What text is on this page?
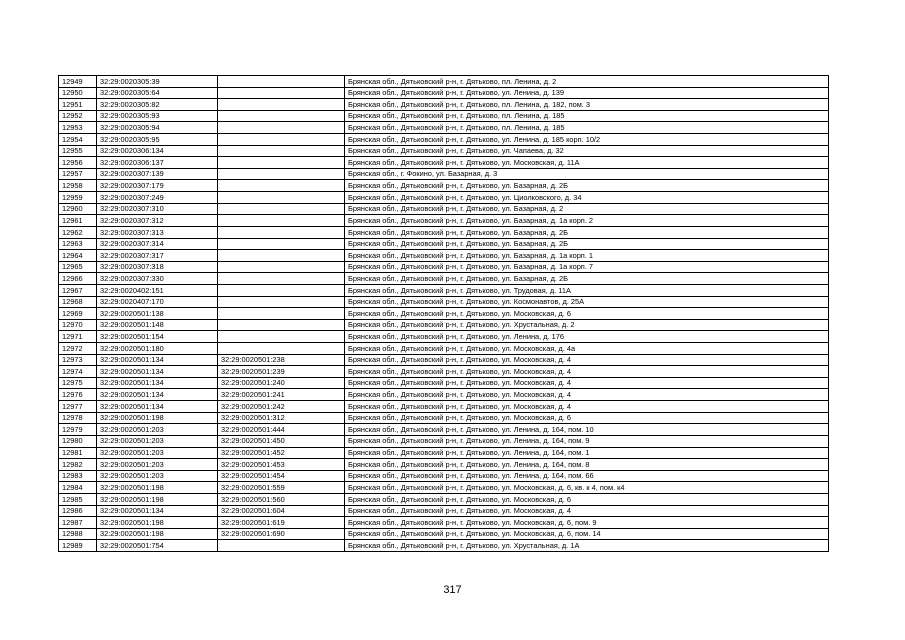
12949	32:29:0020305:39		Брянская обл., Дятьковский р-н, г. Дятьково, пл. Ленина, д. 2
12950	32:29:0020305:64		Брянская обл., Дятьковский р-н, г. Дятьково, ул. Ленина, д. 139
12951	32:29:0020305:82		Брянская обл., Дятьковский р-н, г. Дятьково, пл. Ленина, д. 182, пом. 3
12952	32:29:0020305:93		Брянская обл., Дятьковский р-н, г. Дятьково, пл. Ленина, д. 185
12953	32:29:0020305:94		Брянская обл., Дятьковский р-н, г. Дятьково, пл. Ленина, д. 185
12954	32:29:0020305:95		Брянская обл., Дятьковский р-н, г. Дятьково, ул. Ленина, д. 185 корп. 10/2
12955	32:29:0020306:134		Брянская обл., Дятьковский р-н, г. Дятьково, ул. Чапаева, д. 32
12956	32:29:0020306:137		Брянская обл., Дятьковский р-н, г. Дятьково, ул. Московская, д. 11А
12957	32:29:0020307:139		Брянская обл., г. Фокино, ул. Базарная, д. 3
12958	32:29:0020307:179		Брянская обл., Дятьковский р-н, г. Дятьково, ул. Базарная, д. 2Б
12959	32:29:0020307:249		Брянская обл., Дятьковский р-н, г. Дятьково, ул. Циолковского, д. 34
12960	32:29:0020307:310		Брянская обл., Дятьковский р-н, г. Дятьково, ул. Базарная, д. 2
12961	32:29:0020307:312		Брянская обл., Дятьковский р-н, г. Дятьково, ул. Базарная, д. 1а корп. 2
12962	32:29:0020307:313		Брянская обл., Дятьковский р-н, г. Дятьково, ул. Базарная, д. 2Б
12963	32:29:0020307:314		Брянская обл., Дятьковский р-н, г. Дятьково, ул. Базарная, д. 2Б
12964	32:29:0020307:317		Брянская обл., Дятьковский р-н, г. Дятьково, ул. Базарная, д. 1а корп. 1
12965	32:29:0020307:318		Брянская обл., Дятьковский р-н, г. Дятьково, ул. Базарная, д. 1а корп. 7
12966	32:29:0020307:330		Брянская обл., Дятьковский р-н, г. Дятьково, ул. Базарная, д. 2Б
12967	32:29:0020402:151		Брянская обл., Дятьковский р-н, г. Дятьково, ул. Трудовая, д. 11А
12968	32:29:0020407:170		Брянская обл., Дятьковский р-н, г. Дятьково, ул. Космонавтов, д. 25А
12969	32:29:0020501:138		Брянская обл., Дятьковский р-н, г. Дятьково, ул. Московская, д. 6
12970	32:29:0020501:148		Брянская обл., Дятьковский р-н, г. Дятьково, ул. Хрустальная, д. 2
12971	32:29:0020501:154		Брянская обл., Дятьковский р-н, г. Дятьково, ул. Ленина, д. 176
12972	32:29:0020501:180		Брянская обл., Дятьковский р-н, г. Дятьково, ул. Московская, д. 4а
12973	32:29:0020501:134	32:29:0020501:238	Брянская обл., Дятьковский р-н, г. Дятьково, ул. Московская, д. 4
12974	32:29:0020501:134	32:29:0020501:239	Брянская обл., Дятьковский р-н, г. Дятьково, ул. Московская, д. 4
12975	32:29:0020501:134	32:29:0020501:240	Брянская обл., Дятьковский р-н, г. Дятьково, ул. Московская, д. 4
12976	32:29:0020501:134	32:29:0020501:241	Брянская обл., Дятьковский р-н, г. Дятьково, ул. Московская, д. 4
12977	32:29:0020501:134	32:29:0020501:242	Брянская обл., Дятьковский р-н, г. Дятьково, ул. Московская, д. 4
12978	32:29:0020501:198	32:29:0020501:312	Брянская обл., Дятьковский р-н, г. Дятьково, ул. Московская, д. 6
12979	32:29:0020501:203	32:29:0020501:444	Брянская обл., Дятьковский р-н, г. Дятьково, ул. Ленина, д. 164, пом. 10
12980	32:29:0020501:203	32:29:0020501:450	Брянская обл., Дятьковский р-н, г. Дятьково, ул. Ленина, д. 164, пом. 9
12981	32:29:0020501:203	32:29:0020501:452	Брянская обл., Дятьковский р-н, г. Дятьково, ул. Ленина, д. 164, пом. 1
12982	32:29:0020501:203	32:29:0020501:453	Брянская обл., Дятьковский р-н, г. Дятьково, ул. Ленина, д. 164, пом. 8
12983	32:29:0020501:203	32:29:0020501:454	Брянская обл., Дятьковский р-н, г. Дятьково, ул. Ленина, д. 164, пом. 66
12984	32:29:0020501:198	32:29:0020501:559	Брянская обл., Дятьковский р-н, г. Дятьково, ул. Московская, д. 6, кв. к 4, пом. к4
12985	32:29:0020501:198	32:29:0020501:560	Брянская обл., Дятьковский р-н, г. Дятьково, ул. Московская, д. 6
12986	32:29:0020501:134	32:29:0020501:604	Брянская обл., Дятьковский р-н, г. Дятьково, ул. Московская, д. 4
12987	32:29:0020501:198	32:29:0020501:619	Брянская обл., Дятьковский р-н, г. Дятьково, ул. Московская, д. 6, пом. 9
12988	32:29:0020501:198	32:29:0020501:690	Брянская обл., Дятьковский р-н, г. Дятьково, ул. Московская, д. 6, пом. 14
12989	32:29:0020501:754		Брянская обл., Дятьковский р-н, г. Дятьково, ул. Хрустальная, д. 1А
317
